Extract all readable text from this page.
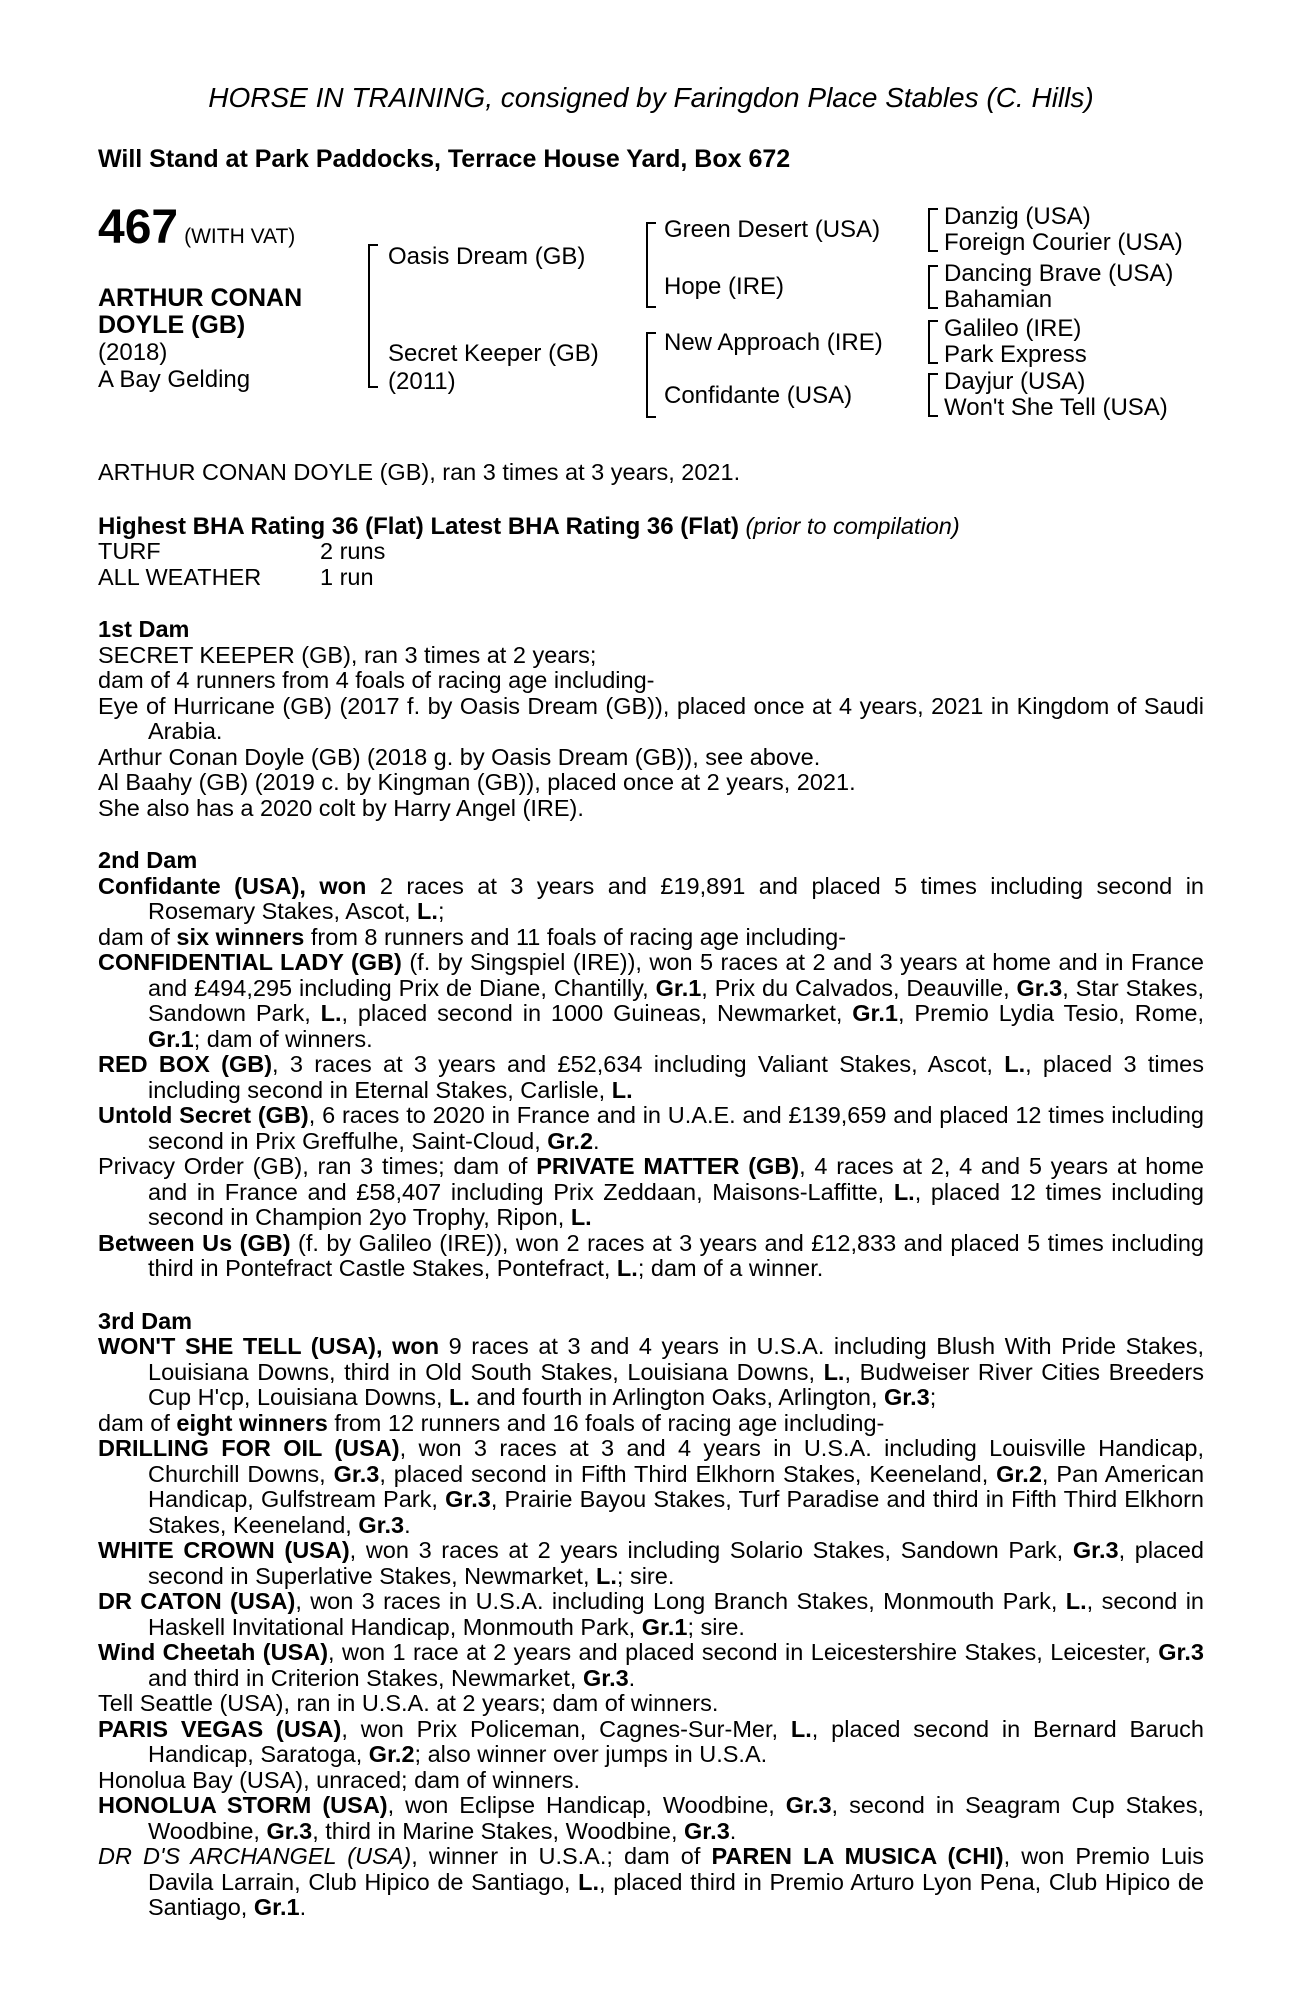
HORSE IN TRAINING, consigned by Faringdon Place Stables (C. Hills)
Will Stand at Park Paddocks, Terrace House Yard, Box 672
467 (WITH VAT)
ARTHUR CONAN
DOYLE (GB)
(2018)
A Bay Gelding
Oasis Dream (GB)
Secret Keeper (GB)
(2011)
Green Desert (USA)
Hope (IRE)
New Approach (IRE)
Confidante (USA)
Danzig (USA)
Foreign Courier (USA)
Dancing Brave (USA)
Bahamian
Galileo (IRE)
Park Express
Dayjur (USA)
Won't She Tell (USA)

ARTHUR CONAN DOYLE (GB), ran 3 times at 3 years, 2021.

Highest BHA Rating 36 (Flat) Latest BHA Rating 36 (Flat) (prior to compilation)

TURF	2 runs

ALL WEATHER	1 run

1st Dam

SECRET KEEPER (GB), ran 3 times at 2 years;

dam of 4 runners from 4 foals of racing age including-

Eye of Hurricane (GB) (2017 f. by Oasis Dream (GB)), placed once at 4 years, 2021 in Kingdom of Saudi Arabia.

Arthur Conan Doyle (GB) (2018 g. by Oasis Dream (GB)), see above.

Al Baahy (GB) (2019 c. by Kingman (GB)), placed once at 2 years, 2021.

She also has a 2020 colt by Harry Angel (IRE).

2nd Dam

Confidante (USA), won 2 races at 3 years and £19,891 and placed 5 times including second in Rosemary Stakes, Ascot, L.;

dam of six winners from 8 runners and 11 foals of racing age including-

CONFIDENTIAL LADY (GB) (f. by Singspiel (IRE)), won 5 races at 2 and 3 years at home and in France and £494,295 including Prix de Diane, Chantilly, Gr.1, Prix du Calvados, Deauville, Gr.3, Star Stakes, Sandown Park, L., placed second in 1000 Guineas, Newmarket, Gr.1, Premio Lydia Tesio, Rome, Gr.1; dam of winners.

RED BOX (GB), 3 races at 3 years and £52,634 including Valiant Stakes, Ascot, L., placed 3 times including second in Eternal Stakes, Carlisle, L.

Untold Secret (GB), 6 races to 2020 in France and in U.A.E. and £139,659 and placed 12 times including second in Prix Greffulhe, Saint-Cloud, Gr.2.

Privacy Order (GB), ran 3 times; dam of PRIVATE MATTER (GB), 4 races at 2, 4 and 5 years at home and in France and £58,407 including Prix Zeddaan, Maisons-Laffitte, L., placed 12 times including second in Champion 2yo Trophy, Ripon, L.

Between Us (GB) (f. by Galileo (IRE)), won 2 races at 3 years and £12,833 and placed 5 times including third in Pontefract Castle Stakes, Pontefract, L.; dam of a winner.

3rd Dam

WON'T SHE TELL (USA), won 9 races at 3 and 4 years in U.S.A. including Blush With Pride Stakes, Louisiana Downs, third in Old South Stakes, Louisiana Downs, L., Budweiser River Cities Breeders Cup H'cp, Louisiana Downs, L. and fourth in Arlington Oaks, Arlington, Gr.3;

dam of eight winners from 12 runners and 16 foals of racing age including-

DRILLING FOR OIL (USA), won 3 races at 3 and 4 years in U.S.A. including Louisville Handicap, Churchill Downs, Gr.3, placed second in Fifth Third Elkhorn Stakes, Keeneland, Gr.2, Pan American Handicap, Gulfstream Park, Gr.3, Prairie Bayou Stakes, Turf Paradise and third in Fifth Third Elkhorn Stakes, Keeneland, Gr.3.

WHITE CROWN (USA), won 3 races at 2 years including Solario Stakes, Sandown Park, Gr.3, placed second in Superlative Stakes, Newmarket, L.; sire.

DR CATON (USA), won 3 races in U.S.A. including Long Branch Stakes, Monmouth Park, L., second in Haskell Invitational Handicap, Monmouth Park, Gr.1; sire.

Wind Cheetah (USA), won 1 race at 2 years and placed second in Leicestershire Stakes, Leicester, Gr.3 and third in Criterion Stakes, Newmarket, Gr.3.

Tell Seattle (USA), ran in U.S.A. at 2 years; dam of winners.

PARIS VEGAS (USA), won Prix Policeman, Cagnes-Sur-Mer, L., placed second in Bernard Baruch Handicap, Saratoga, Gr.2; also winner over jumps in U.S.A.

Honolua Bay (USA), unraced; dam of winners.

HONOLUA STORM (USA), won Eclipse Handicap, Woodbine, Gr.3, second in Seagram Cup Stakes, Woodbine, Gr.3, third in Marine Stakes, Woodbine, Gr.3.

DR D'S ARCHANGEL (USA), winner in U.S.A.; dam of PAREN LA MUSICA (CHI), won Premio Luis Davila Larrain, Club Hipico de Santiago, L., placed third in Premio Arturo Lyon Pena, Club Hipico de Santiago, Gr.1.
